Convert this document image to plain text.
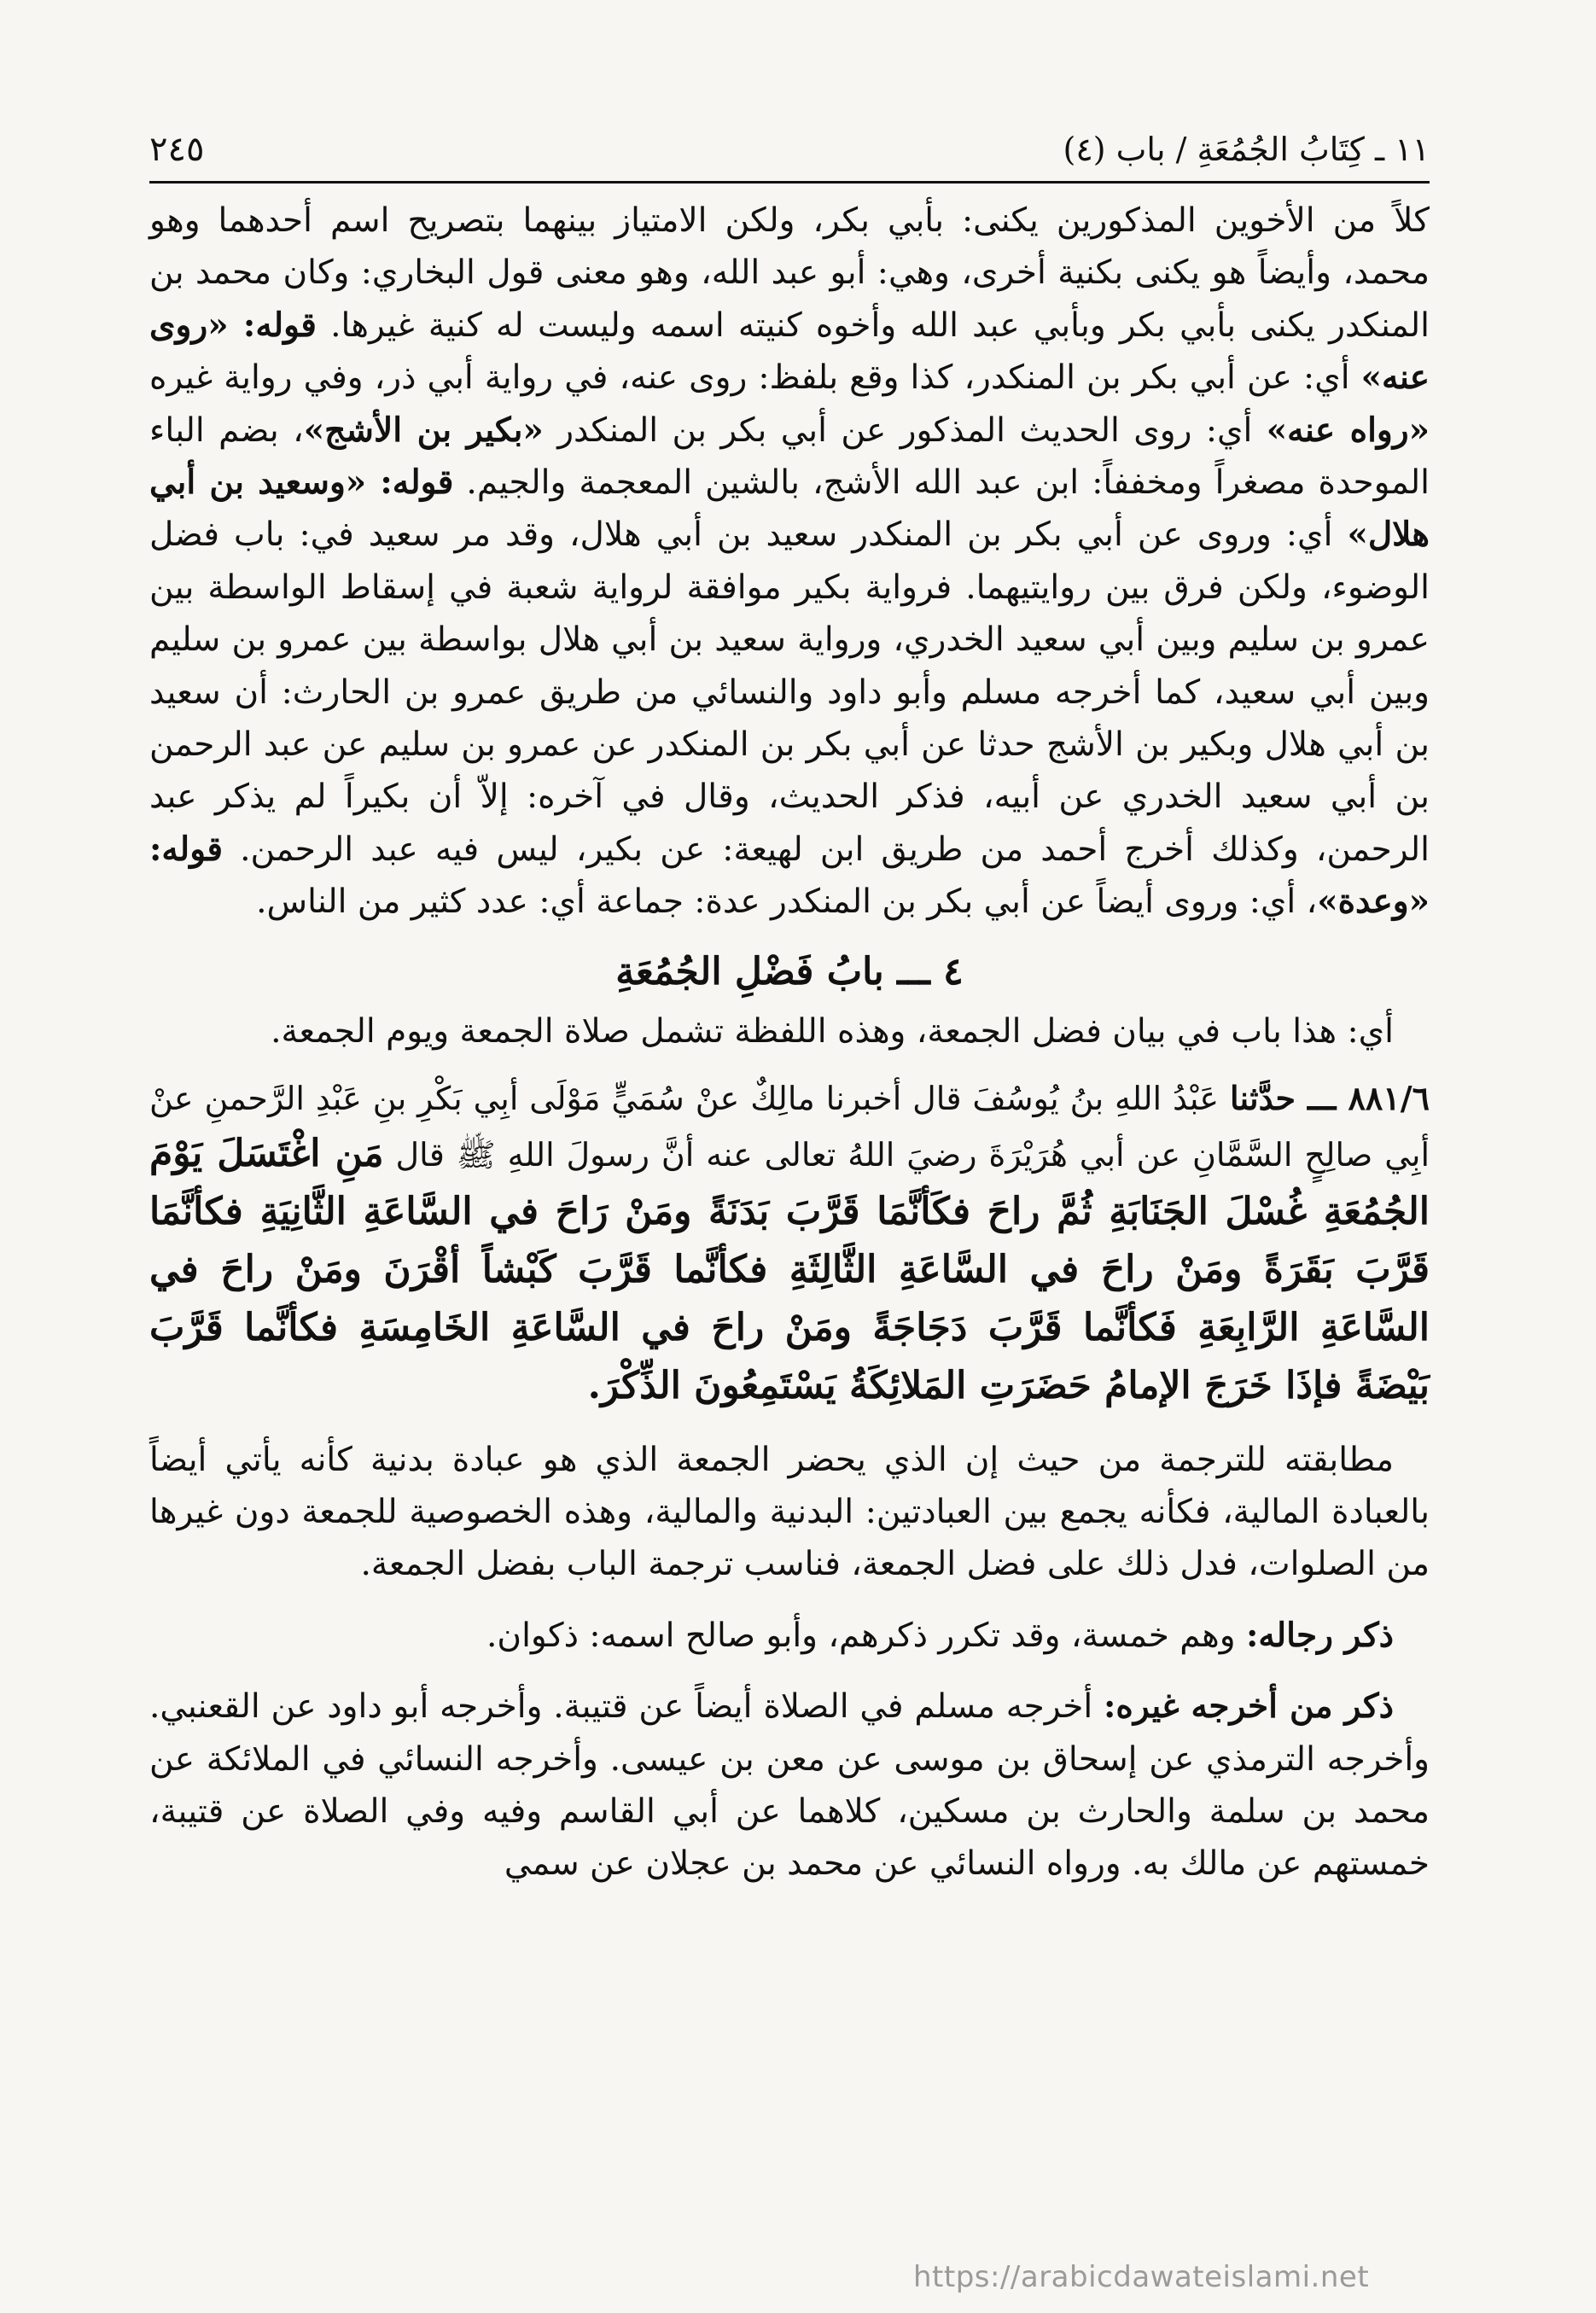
١١ ـ كِتَابُ الجُمُعَةِ / باب (٤)
٢٤٥

كلاً من الأخوين المذكورين يكنى: بأبي بكر، ولكن الامتياز بينهما بتصريح اسم أحدهما وهو محمد، وأيضاً هو يكنى بكنية أخرى، وهي: أبو عبد الله، وهو معنى قول البخاري: وكان محمد بن المنكدر يكنى بأبي بكر وبأبي عبد الله وأخوه كنيته اسمه وليست له كنية غيرها. قوله: «روى عنه» أي: عن أبي بكر بن المنكدر، كذا وقع بلفظ: روى عنه، في رواية أبي ذر، وفي رواية غيره «رواه عنه» أي: روى الحديث المذكور عن أبي بكر بن المنكدر «بكير بن الأشج»، بضم الباء الموحدة مصغراً ومخففاً: ابن عبد الله الأشج، بالشين المعجمة والجيم. قوله: «وسعيد بن أبي هلال» أي: وروى عن أبي بكر بن المنكدر سعيد بن أبي هلال، وقد مر سعيد في: باب فضل الوضوء، ولكن فرق بين روايتيهما. فرواية بكير موافقة لرواية شعبة في إسقاط الواسطة بين عمرو بن سليم وبين أبي سعيد الخدري، ورواية سعيد بن أبي هلال بواسطة بين عمرو بن سليم وبين أبي سعيد، كما أخرجه مسلم وأبو داود والنسائي من طريق عمرو بن الحارث: أن سعيد بن أبي هلال وبكير بن الأشج حدثا عن أبي بكر بن المنكدر عن عمرو بن سليم عن عبد الرحمن بن أبي سعيد الخدري عن أبيه، فذكر الحديث، وقال في آخره: إلاّ أن بكيراً لم يذكر عبد الرحمن، وكذلك أخرج أحمد من طريق ابن لهيعة: عن بكير، ليس فيه عبد الرحمن. قوله: «وعدة»، أي: وروى أيضاً عن أبي بكر بن المنكدر عدة: جماعة أي: عدد كثير من الناس.

٤ ـــ بابُ فَضْلِ الجُمُعَةِ

أي: هذا باب في بيان فضل الجمعة، وهذه اللفظة تشمل صلاة الجمعة ويوم الجمعة.

٨٨١/٦ ـــ حدَّثنا عَبْدُ اللهِ بنُ يُوسُفَ قال أخبرنا مالِكٌ عنْ سُمَيٍّ مَوْلَى أبِي بَكْرِ بنِ عَبْدِ الرَّحمنِ عنْ أبِي صالِحٍ السَّمَّانِ عن أبي هُرَيْرَةَ رضيَ اللهُ تعالى عنه أنَّ رسولَ اللهِ ﷺ قال مَنِ اغْتَسَلَ يَوْمَ الجُمُعَةِ غُسْلَ الجَنَابَةِ ثُمَّ راحَ فكَأنَّمَا قَرَّبَ بَدَنَةً ومَنْ رَاحَ في السَّاعَةِ الثَّانِيَةِ فكأنَّمَا قَرَّبَ بَقَرَةً ومَنْ راحَ في السَّاعَةِ الثَّالِثَةِ فكأنَّما قَرَّبَ كَبْشاً أقْرَنَ ومَنْ راحَ في السَّاعَةِ الرَّابِعَةِ فَكأنَّما قَرَّبَ دَجَاجَةً ومَنْ راحَ في السَّاعَةِ الخَامِسَةِ فكأنَّما قَرَّبَ بَيْضَةً فإذَا خَرَجَ الإمامُ حَضَرَتِ المَلائِكَةُ يَسْتَمِعُونَ الذِّكْرَ.

مطابقته للترجمة من حيث إن الذي يحضر الجمعة الذي هو عبادة بدنية كأنه يأتي أيضاً بالعبادة المالية، فكأنه يجمع بين العبادتين: البدنية والمالية، وهذه الخصوصية للجمعة دون غيرها من الصلوات، فدل ذلك على فضل الجمعة، فناسب ترجمة الباب بفضل الجمعة.

ذكر رجاله: وهم خمسة، وقد تكرر ذكرهم، وأبو صالح اسمه: ذكوان.

ذكر من أخرجه غيره: أخرجه مسلم في الصلاة أيضاً عن قتيبة. وأخرجه أبو داود عن القعنبي. وأخرجه الترمذي عن إسحاق بن موسى عن معن بن عيسى. وأخرجه النسائي في الملائكة عن محمد بن سلمة والحارث بن مسكين، كلاهما عن أبي القاسم وفيه وفي الصلاة عن قتيبة، خمستهم عن مالك به. ورواه النسائي عن محمد بن عجلان عن سمي

https://arabicdawateislami.net
